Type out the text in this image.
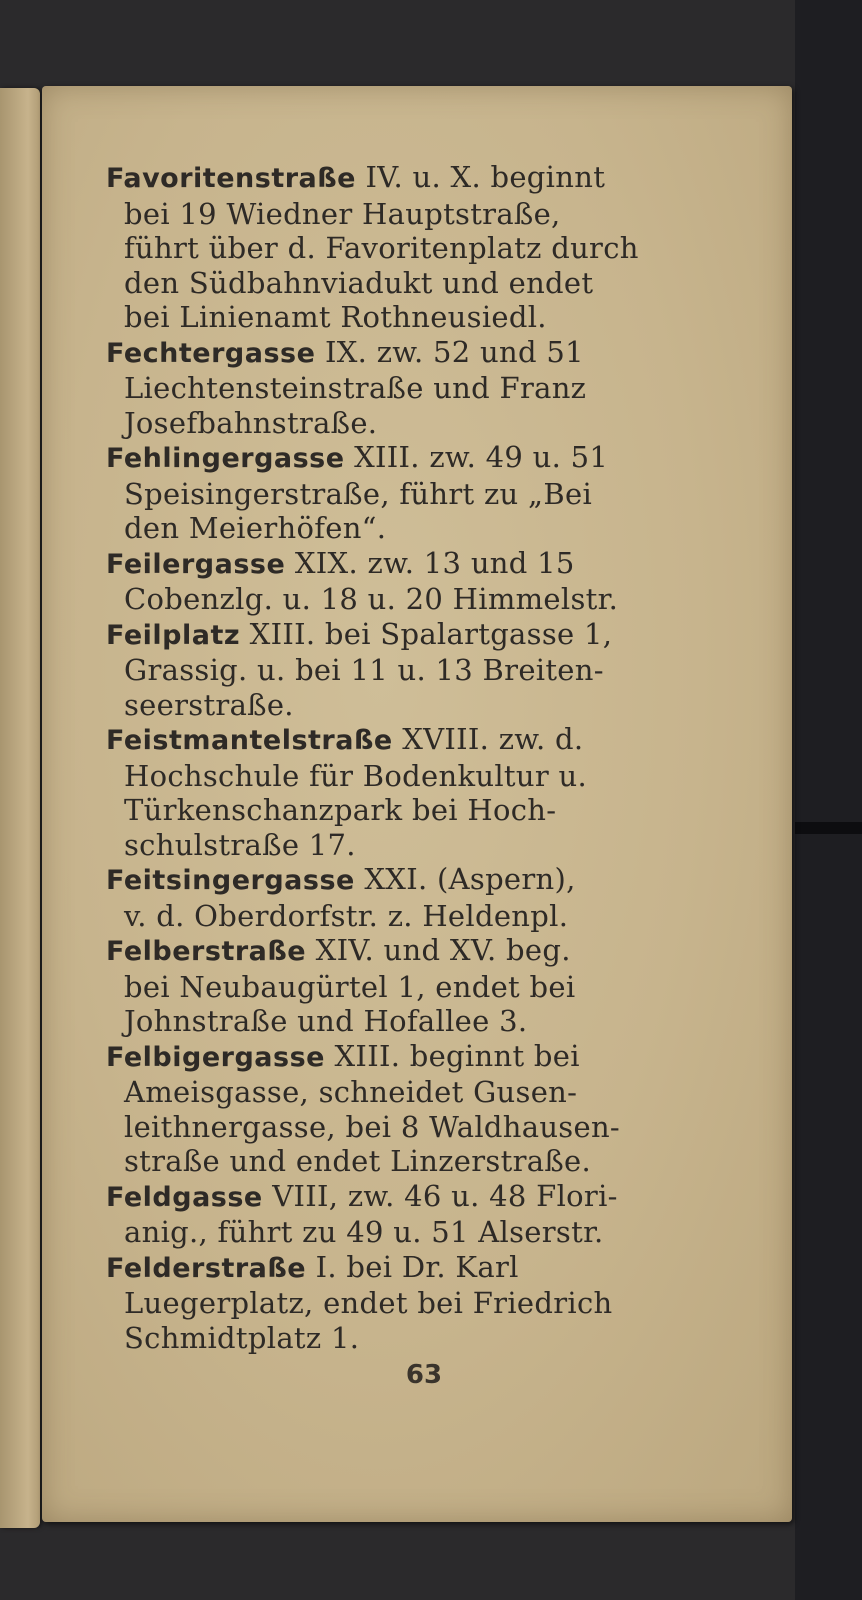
Favoritenstraße IV. u. X. beginnt
bei 19 Wiedner Hauptstraße,
führt über d. Favoritenplatz durch
den Südbahnviadukt und endet
bei Linienamt Rothneusiedl.
Fechtergasse IX. zw. 52 und 51
Liechtensteinstraße und Franz
Josefbahnstraße.
Fehlingergasse XIII. zw. 49 u. 51
Speisingerstraße, führt zu „Bei
den Meierhöfen“.
Feilergasse XIX. zw. 13 und 15
Cobenzlg. u. 18 u. 20 Himmelstr.
Feilplatz XIII. bei Spalartgasse 1,
Grassig. u. bei 11 u. 13 Breiten-
seerstraße.
Feistmantelstraße XVIII. zw. d.
Hochschule für Bodenkultur u.
Türkenschanzpark bei Hoch-
schulstraße 17.
Feitsingergasse XXI. (Aspern),
v. d. Oberdorfstr. z. Heldenpl.
Felberstraße XIV. und XV. beg.
bei Neubaugürtel 1, endet bei
Johnstraße und Hofallee 3.
Felbigergasse XIII. beginnt bei
Ameisgasse, schneidet Gusen-
leithnergasse, bei 8 Waldhausen-
straße und endet Linzerstraße.
Feldgasse VIII, zw. 46 u. 48 Flori-
anig., führt zu 49 u. 51 Alserstr.
Felderstraße I. bei Dr. Karl
Luegerplatz, endet bei Friedrich
Schmidtplatz 1.
63
